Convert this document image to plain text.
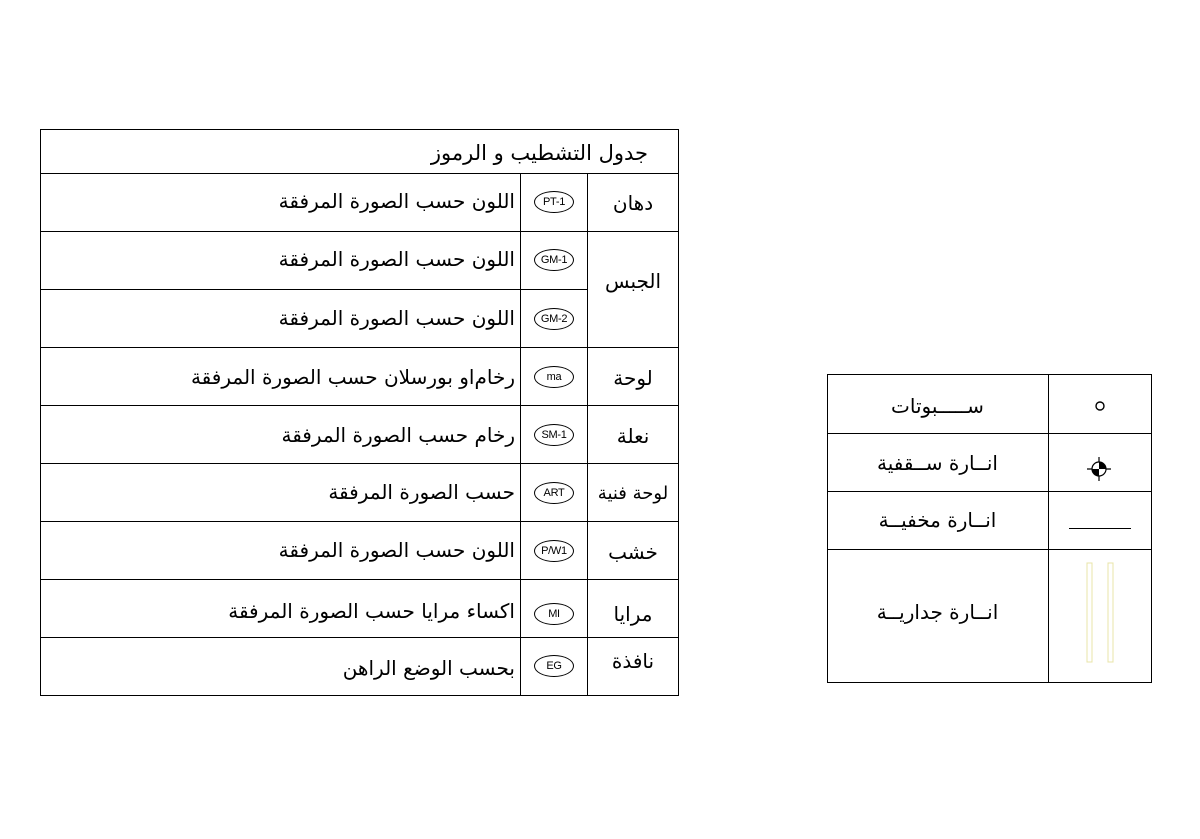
جدول التشطيب و الرموز
دهان
PT-1
اللون حسب الصورة المرفقة
الجبس
GM-1
اللون حسب الصورة المرفقة
GM-2
اللون حسب الصورة المرفقة
لوحة
ma
رخام‌او بورسلان حسب الصورة المرفقة
نعلة
SM-1
رخام حسب الصورة المرفقة
لوحة فنية
ART
حسب الصورة المرفقة
خشب
P/W1
اللون حسب الصورة المرفقة
مرايا
MI
اكساء مرايا حسب الصورة المرفقة
نافذة
EG
بحسب الوضع الراهن
ســـــبوتات
انــارة ســقفية
انــارة مخفيــة
انــارة جداريــة
